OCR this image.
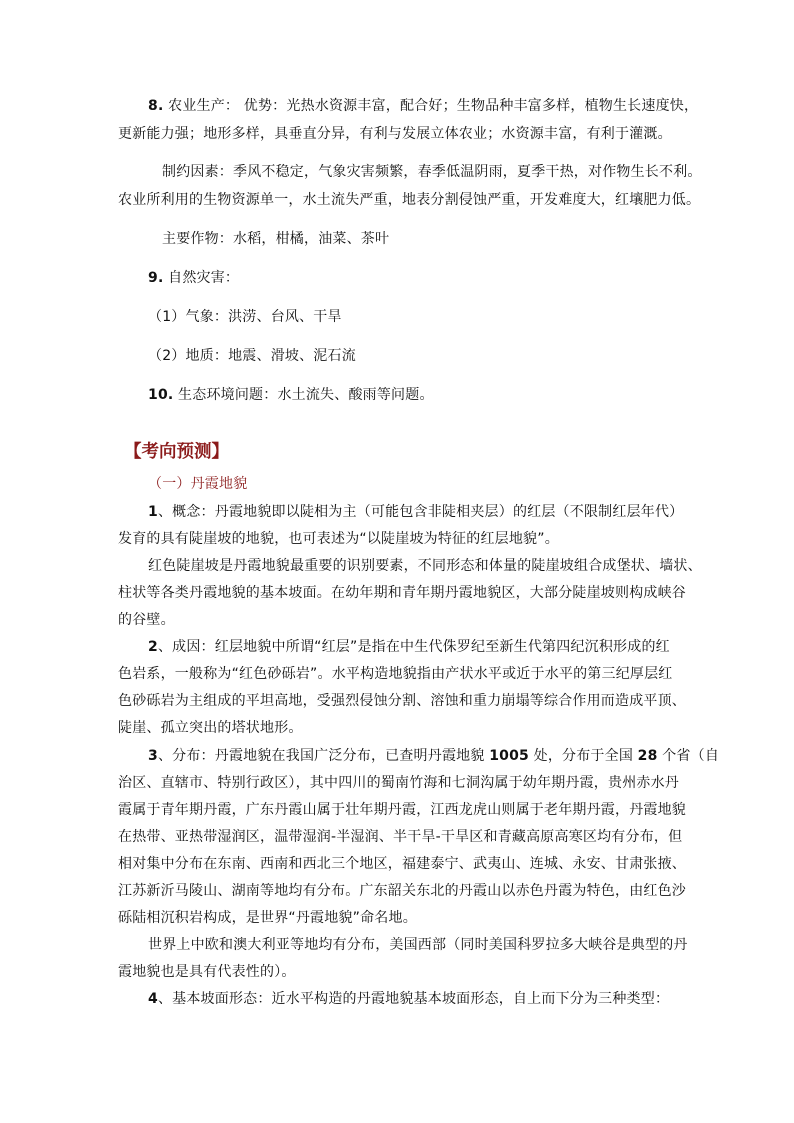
8. 农业生产： 优势：光热水资源丰富，配合好；生物品种丰富多样，植物生长速度快，
更新能力强；地形多样，具垂直分异，有利与发展立体农业；水资源丰富，有利于灌溉。
制约因素：季风不稳定，气象灾害频繁，春季低温阴雨，夏季干热，对作物生长不利。
农业所利用的生物资源单一，水土流失严重，地表分割侵蚀严重，开发难度大，红壤肥力低。
主要作物：水稻，柑橘，油菜、茶叶
9. 自然灾害：
（1）气象：洪涝、台风、干旱
（2）地质：地震、滑坡、泥石流
10. 生态环境问题：水土流失、酸雨等问题。
【考向预测】
（一）丹霞地貌
1、概念：丹霞地貌即以陡相为主（可能包含非陡相夹层）的红层（不限制红层年代）
发育的具有陡崖坡的地貌，也可表述为“以陡崖坡为特征的红层地貌”。
红色陡崖坡是丹霞地貌最重要的识别要素，不同形态和体量的陡崖坡组合成堡状、墙状、
柱状等各类丹霞地貌的基本坡面。在幼年期和青年期丹霞地貌区，大部分陡崖坡则构成峡谷
的谷壁。
2、成因：红层地貌中所谓“红层”是指在中生代侏罗纪至新生代第四纪沉积形成的红
色岩系，一般称为“红色砂砾岩”。水平构造地貌指由产状水平或近于水平的第三纪厚层红
色砂砾岩为主组成的平坦高地，受强烈侵蚀分割、溶蚀和重力崩塌等综合作用而造成平顶、
陡崖、孤立突出的塔状地形。
3、分布：丹霞地貌在我国广泛分布，已查明丹霞地貌 1005 处，分布于全国 28 个省（自
治区、直辖市、特别行政区），其中四川的蜀南竹海和七洞沟属于幼年期丹霞，贵州赤水丹
霞属于青年期丹霞，广东丹霞山属于壮年期丹霞，江西龙虎山则属于老年期丹霞，丹霞地貌
在热带、亚热带湿润区，温带湿润-半湿润、半干旱-干旱区和青藏高原高寒区均有分布，但
相对集中分布在东南、西南和西北三个地区，福建泰宁、武夷山、连城、永安、甘肃张掖、
江苏新沂马陵山、湖南等地均有分布。广东韶关东北的丹霞山以赤色丹霞为特色，由红色沙
砾陆相沉积岩构成，是世界“丹霞地貌”命名地。
世界上中欧和澳大利亚等地均有分布，美国西部（同时美国科罗拉多大峡谷是典型的丹
霞地貌也是具有代表性的）。
4、基本坡面形态：近水平构造的丹霞地貌基本坡面形态，自上而下分为三种类型：
